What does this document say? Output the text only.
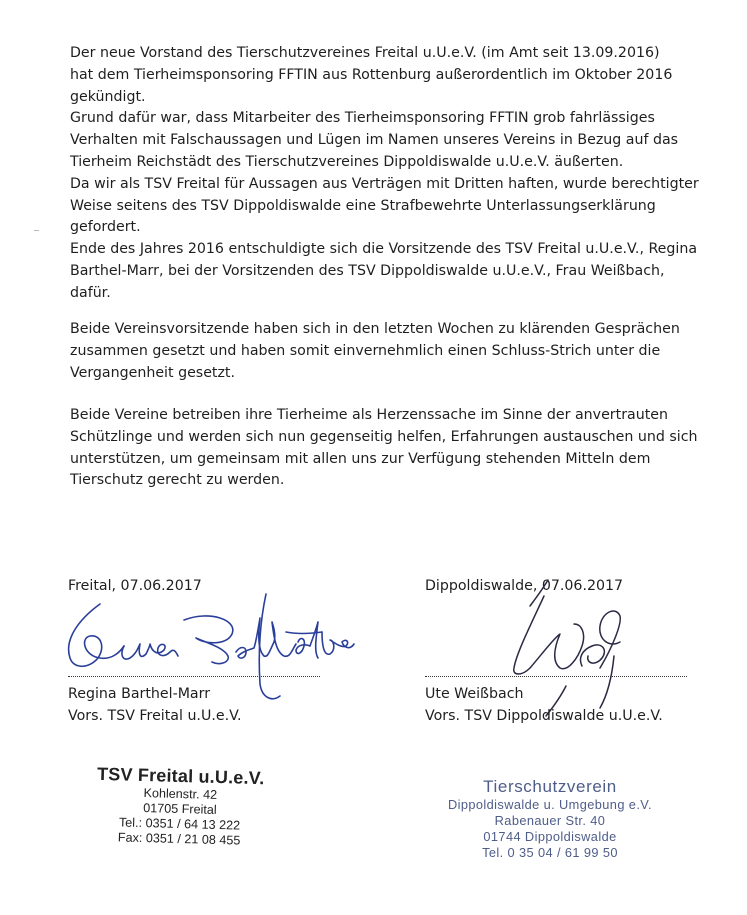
Der neue Vorstand des Tierschutzvereines Freital u.U.e.V. (im Amt seit 13.09.2016)

hat dem Tierheimsponsoring FFTIN aus Rottenburg außerordentlich im Oktober 2016

gekündigt.

Grund dafür war, dass Mitarbeiter des Tierheimsponsoring FFTIN grob fahrlässiges

Verhalten mit Falschaussagen und Lügen im Namen unseres Vereins in Bezug auf das

Tierheim Reichstädt des Tierschutzvereines Dippoldiswalde u.U.e.V. äußerten.

Da wir als TSV Freital für Aussagen aus Verträgen mit Dritten haften, wurde berechtigter

Weise seitens des TSV Dippoldiswalde eine Strafbewehrte Unterlassungserklärung

gefordert.

Ende des Jahres 2016 entschuldigte sich die Vorsitzende des TSV Freital u.U.e.V., Regina

Barthel-Marr, bei der Vorsitzenden des TSV Dippoldiswalde u.U.e.V., Frau Weißbach,

dafür.

Beide Vereinsvorsitzende haben sich in den letzten Wochen zu klärenden Gesprächen

zusammen gesetzt und haben somit einvernehmlich einen Schluss-Strich unter die

Vergangenheit gesetzt.

Beide Vereine betreiben ihre Tierheime als Herzenssache im Sinne der anvertrauten

Schützlinge und werden sich nun gegenseitig helfen, Erfahrungen austauschen und sich

unterstützen, um gemeinsam mit allen uns zur Verfügung stehenden Mitteln dem

Tierschutz gerecht zu werden.

Freital, 07.06.2017
Regina Barthel-Marr
Vors. TSV Freital u.U.e.V.
Dippoldiswalde, 07.06.2017
Ute Weißbach
Vors. TSV Dippoldiswalde u.U.e.V.
TSV Freital u.U.e.V.
Kohlenstr. 42
01705 Freital
Tel.: 0351 / 64 13 222
Fax: 0351 / 21 08 455
Tierschutzverein
Dippoldiswalde u. Umgebung e.V.
Rabenauer Str. 40
01744 Dippoldiswalde
Tel. 0 35 04 / 61 99 50
